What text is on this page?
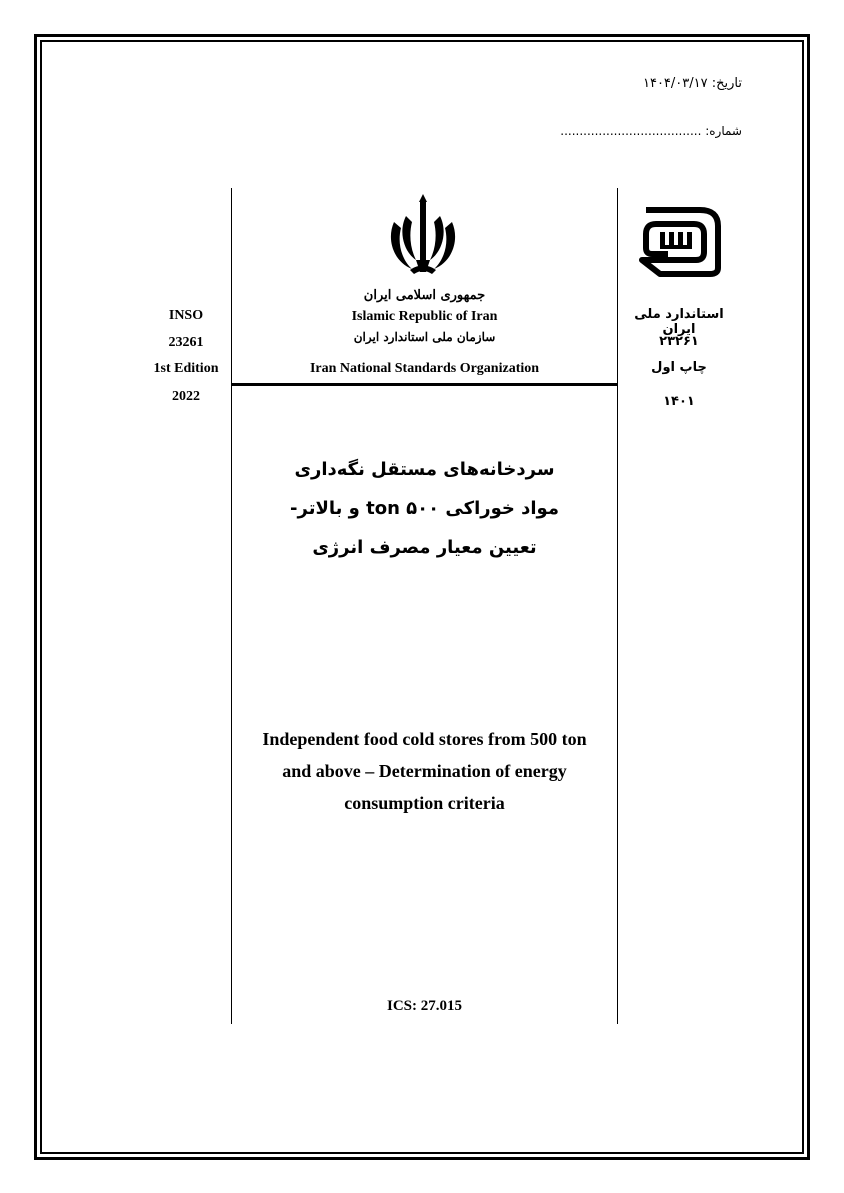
تاریخ: ۱۴۰۴/۰۳/۱۷
شماره: .....................................
جمهوری اسلامی ایران
Islamic Republic of Iran
سازمان ملی استاندارد ایران
Iran National Standards Organization
INSO
23261
1st Edition
2022
استاندارد ملی ایران
۲۳۲۶۱
چاپ اول
۱۴۰۱
سردخانه‌های مستقل نگه‌داری
مواد خوراکی ton ۵۰۰ و بالاتر-
تعیین معیار مصرف انرژی
Independent food cold stores from 500 ton
and above – Determination of energy
consumption criteria
ICS: 27.015
